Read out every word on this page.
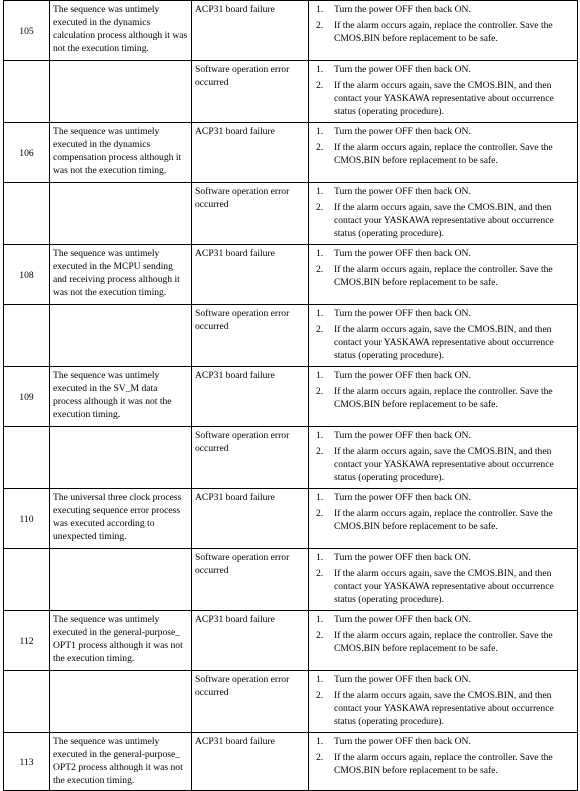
105	The sequence was untimely executed in the dynamics calculation process although it was not the execution timing.	ACP31 board failure	1. Turn the power OFF then back ON.
2. If the alarm occurs again, replace the controller. Save the CMOS.BIN before replacement to be safe.

		Software operation error occurred	1. Turn the power OFF then back ON.
2. If the alarm occurs again, save the CMOS.BIN, and then contact your YASKAWA representative about occurrence status (operating procedure).

106	The sequence was untimely executed in the dynamics compensation process although it was not the execution timing.	ACP31 board failure	1. Turn the power OFF then back ON.
2. If the alarm occurs again, replace the controller. Save the CMOS.BIN before replacement to be safe.

		Software operation error occurred	1. Turn the power OFF then back ON.
2. If the alarm occurs again, save the CMOS.BIN, and then contact your YASKAWA representative about occurrence status (operating procedure).

108	The sequence was untimely executed in the MCPU sending and receiving process although it was not the execution timing.	ACP31 board failure	1. Turn the power OFF then back ON.
2. If the alarm occurs again, replace the controller. Save the CMOS.BIN before replacement to be safe.

		Software operation error occurred	1. Turn the power OFF then back ON.
2. If the alarm occurs again, save the CMOS.BIN, and then contact your YASKAWA representative about occurrence status (operating procedure).

109	The sequence was untimely executed in the SV_M data process although it was not the execution timing.	ACP31 board failure	1. Turn the power OFF then back ON.
2. If the alarm occurs again, replace the controller. Save the CMOS.BIN before replacement to be safe.

		Software operation error occurred	1. Turn the power OFF then back ON.
2. If the alarm occurs again, save the CMOS.BIN, and then contact your YASKAWA representative about occurrence status (operating procedure).

110	The universal three clock process executing sequence error process was executed according to unexpected timing.	ACP31 board failure	1. Turn the power OFF then back ON.
2. If the alarm occurs again, replace the controller. Save the CMOS.BIN before replacement to be safe.

		Software operation error occurred	1. Turn the power OFF then back ON.
2. If the alarm occurs again, save the CMOS.BIN, and then contact your YASKAWA representative about occurrence status (operating procedure).

112	The sequence was untimely executed in the general-purpose_ OPT1 process although it was not the execution timing.	ACP31 board failure	1. Turn the power OFF then back ON.
2. If the alarm occurs again, replace the controller. Save the CMOS.BIN before replacement to be safe.

		Software operation error occurred	1. Turn the power OFF then back ON.
2. If the alarm occurs again, save the CMOS.BIN, and then contact your YASKAWA representative about occurrence status (operating procedure).

113	The sequence was untimely executed in the general-purpose_ OPT2 process although it was not the execution timing.	ACP31 board failure	1. Turn the power OFF then back ON.
2. If the alarm occurs again, replace the controller. Save the CMOS.BIN before replacement to be safe.
